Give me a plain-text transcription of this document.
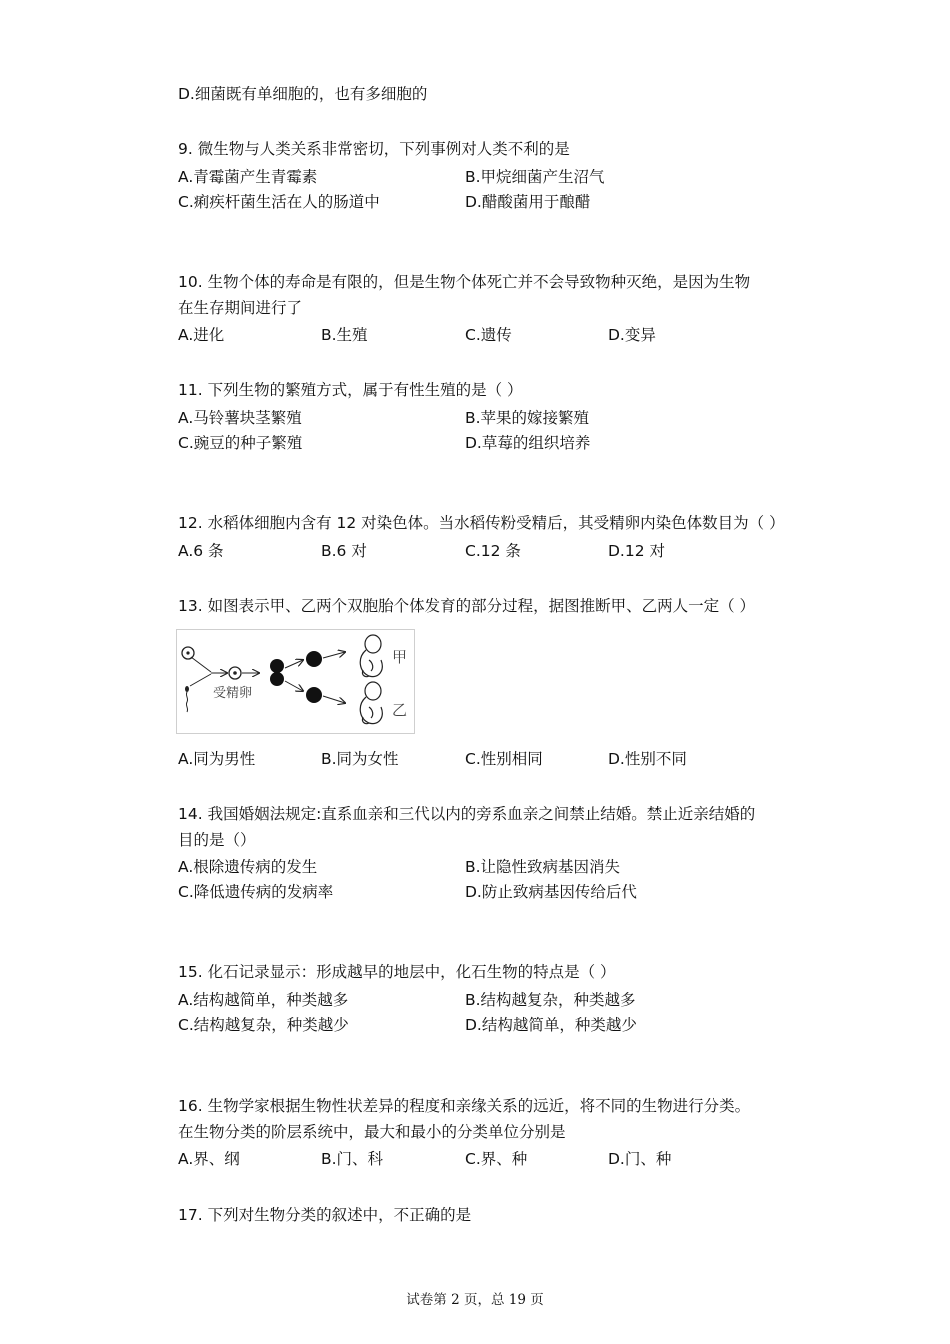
D.细菌既有单细胞的，也有多细胞的
9. 微生物与人类关系非常密切，下列事例对人类不利的是
A.青霉菌产生青霉素	B.甲烷细菌产生沼气
C.痢疾杆菌生活在人的肠道中	D.醋酸菌用于酿醋
10. 生物个体的寿命是有限的，但是生物个体死亡并不会导致物种灭绝，是因为生物
在生存期间进行了
A.进化	B.生殖	C.遗传	D.变异
11. 下列生物的繁殖方式，属于有性生殖的是（ ）
A.马铃薯块茎繁殖	B.苹果的嫁接繁殖
C.豌豆的种子繁殖	D.草莓的组织培养
12. 水稻体细胞内含有 12 对染色体。当水稻传粉受精后，其受精卵内染色体数目为（ ）
A.6 条	B.6 对	C.12 条	D.12 对
13. 如图表示甲、乙两个双胞胎个体发育的部分过程，据图推断甲、乙两人一定（ ）
受精卵
甲
乙
A.同为男性	B.同为女性	C.性别相同	D.性别不同
14. 我国婚姻法规定:直系血亲和三代以内的旁系血亲之间禁止结婚。禁止近亲结婚的
目的是（）
A.根除遗传病的发生	B.让隐性致病基因消失
C.降低遗传病的发病率	D.防止致病基因传给后代
15. 化石记录显示：形成越早的地层中，化石生物的特点是（ ）
A.结构越简单，种类越多	B.结构越复杂，种类越多
C.结构越复杂，种类越少	D.结构越简单，种类越少
16. 生物学家根据生物性状差异的程度和亲缘关系的远近，将不同的生物进行分类。
在生物分类的阶层系统中，最大和最小的分类单位分别是
A.界、纲	B.门、科	C.界、种	D.门、种
17. 下列对生物分类的叙述中，不正确的是
试卷第 2 页，总 19 页
